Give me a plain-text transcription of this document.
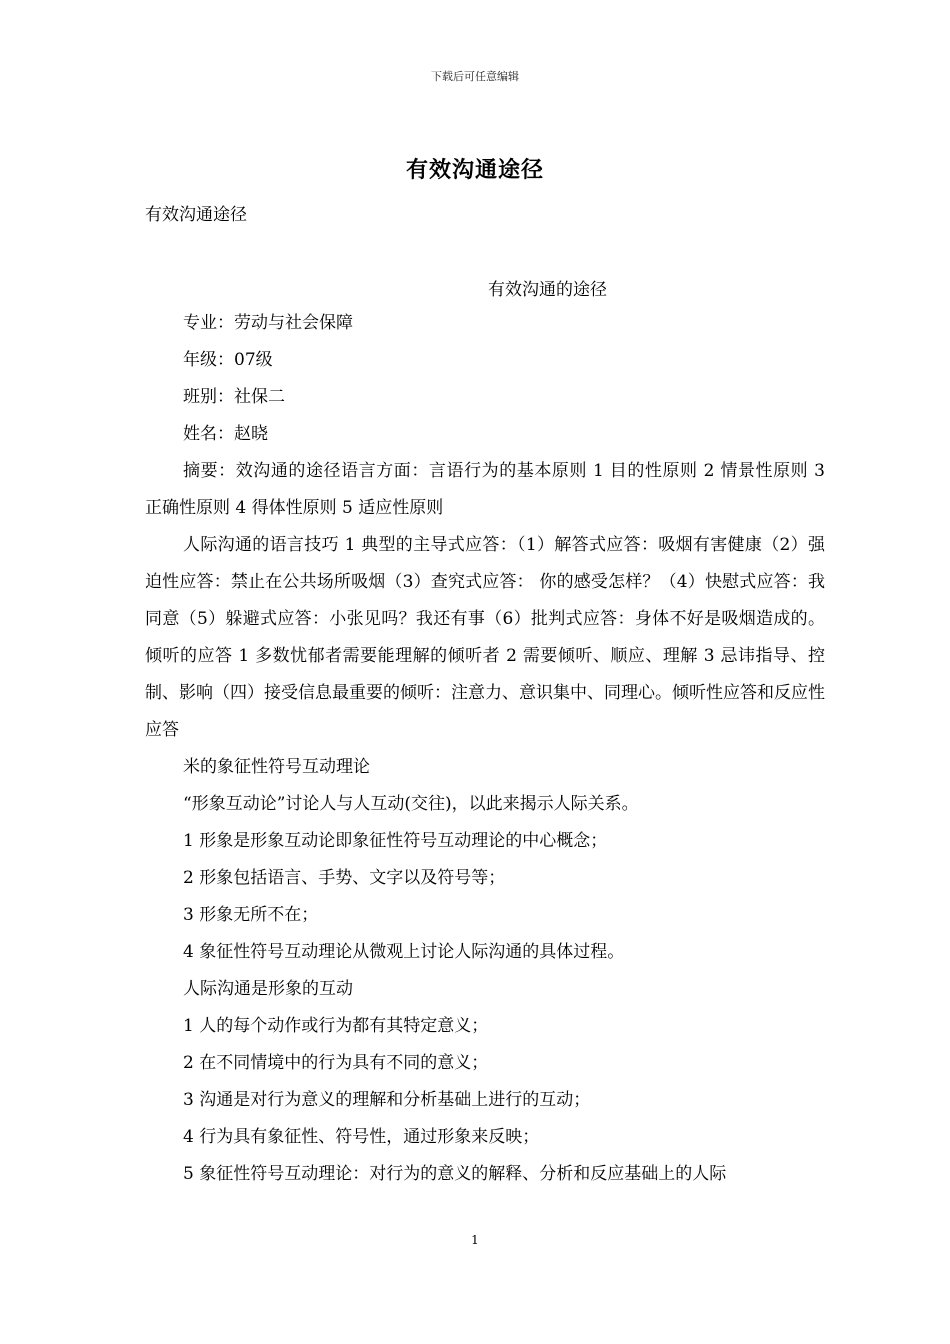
下载后可任意编辑
有效沟通途径
有效沟通途径
有效沟通的途径

专业：劳动与社会保障

年级：07级

班别：社保二

姓名：赵晓

摘要：效沟通的途径语言方面：言语行为的基本原则 1 目的性原则 2 情景性原则 3 正确性原则 4 得体性原则 5 适应性原则

人际沟通的语言技巧 1 典型的主导式应答：（1）解答式应答：吸烟有害健康（2）强迫性应答：禁止在公共场所吸烟（3）查究式应答： 你的感受怎样？（4）快慰式应答：我同意（5）躲避式应答：小张见吗？我还有事（6）批判式应答：身体不好是吸烟造成的。倾听的应答 1 多数忧郁者需要能理解的倾听者 2 需要倾听、顺应、理解 3 忌讳指导、控制、影响（四）接受信息最重要的倾听：注意力、意识集中、同理心。倾听性应答和反应性应答

米的象征性符号互动理论

“形象互动论”讨论人与人互动(交往)，以此来揭示人际关系。

1 形象是形象互动论即象征性符号互动理论的中心概念；

2 形象包括语言、手势、文字以及符号等；

3 形象无所不在；

4 象征性符号互动理论从微观上讨论人际沟通的具体过程。

人际沟通是形象的互动

1 人的每个动作或行为都有其特定意义；

2 在不同情境中的行为具有不同的意义；

3 沟通是对行为意义的理解和分析基础上进行的互动；

4 行为具有象征性、符号性，通过形象来反映；

5 象征性符号互动理论：对行为的意义的解释、分析和反应基础上的人际

1
